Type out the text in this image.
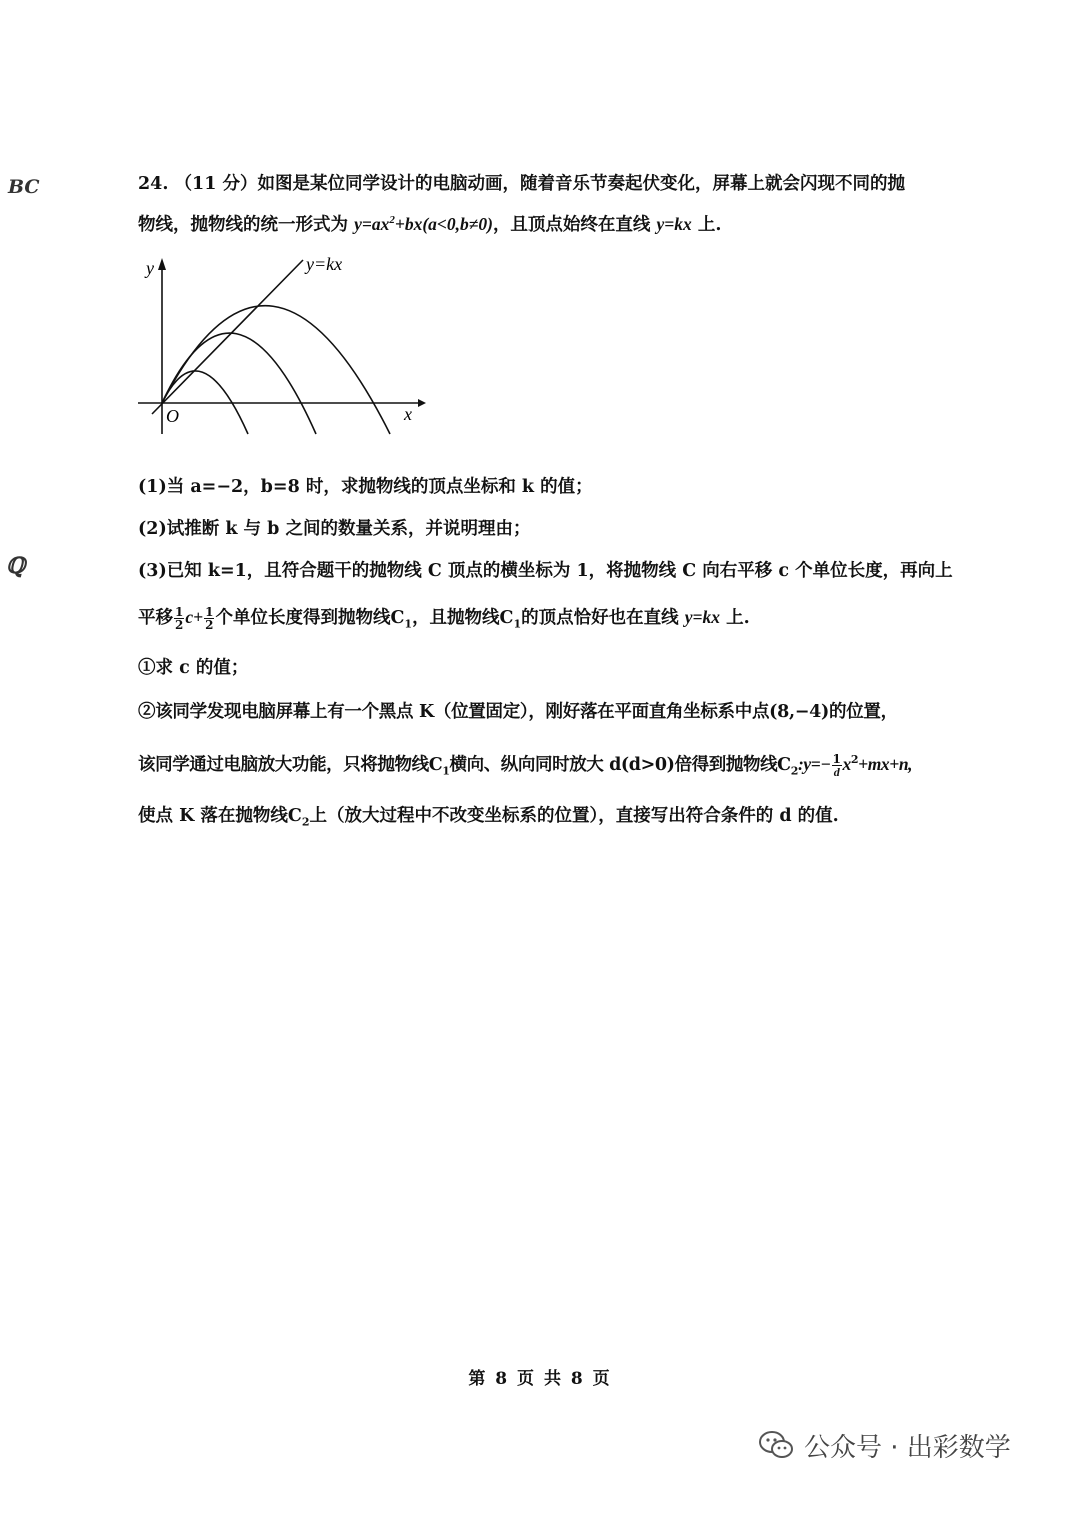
BC
ℚ
24. （11 分）如图是某位同学设计的电脑动画，随着音乐节奏起伏变化，屏幕上就会闪现不同的抛
物线，抛物线的统一形式为 $y=ax^2+bx(a<0,b\ne 0)$，且顶点始终在直线 y=kx 上.
(1)当 a=−2，b=8 时，求抛物线的顶点坐标和 k 的值；
(2)试推断 k 与 b 之间的数量关系，并说明理由；
(3)已知 k=1，且符合题干的抛物线 C 顶点的横坐标为 1，将抛物线 C 向右平移 c 个单位长度，再向上
平移 $\frac{1}{2} c+ \frac{1}{2}$ 个单位长度得到抛物线$C_1$，且抛物线$C_1$的顶点恰好也在直线 y=kx 上.
①求 c 的值；
②该同学发现电脑屏幕上有一个黑点 K（位置固定），刚好落在平面直角坐标系中点(8,−4)的位置，
该同学通过电脑放大功能，只将抛物线$C_1$横向、纵向同时放大 d(d>0)倍得到抛物线$C_2:y=- \frac{1}{d} x^2+mx+n$,
使点 K 落在抛物线$C_2$上（放大过程中不改变坐标系的位置），直接写出符合条件的 d 的值.
y
x
O
y=kx
第 8 页 共 8 页
公众号 · 出彩数学
